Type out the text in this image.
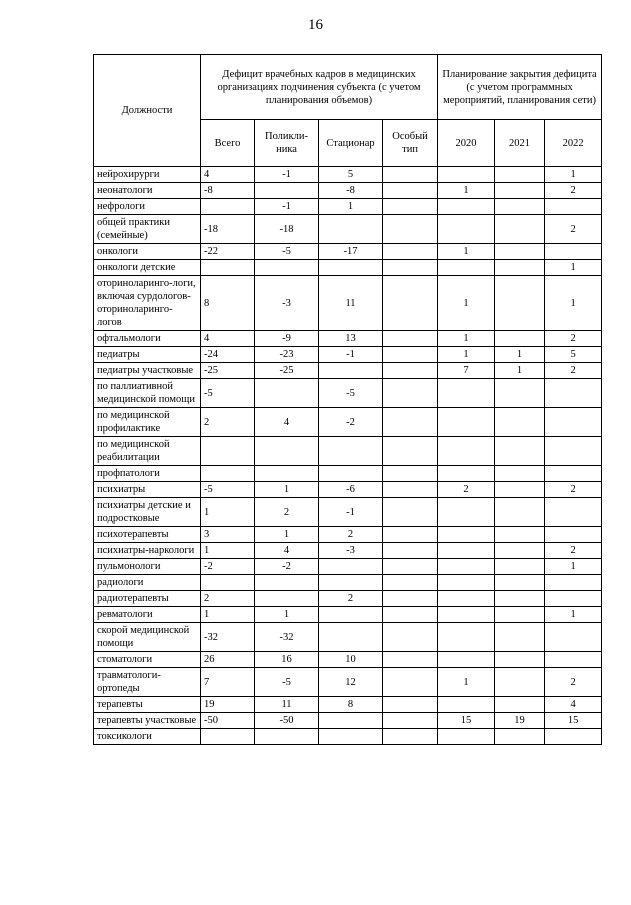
16
Должности	Дефицит врачебных кадров в медицинских организациях подчинения субъекта (с учетом планирования объемов)				Планирование закрытия дефицита (с учетом программных мероприятий, планирования сети)		
	Всего	Поликли-ника	Стационар	Особый тип	2020	2021	2022
нейрохирурги	4	-1	5				1
неонатологи	-8		-8		1		2
нефрологи		-1	1				
общей практики (семейные)	-18	-18					2
онкологи	-22	-5	-17		1		
онкологи детские							1
оториноларинго-логи, включая сурдологов-оториноларинго-логов	8	-3	11		1		1
офтальмологи	4	-9	13		1		2
педиатры	-24	-23	-1		1	1	5
педиатры участковые	-25	-25			7	1	2
по паллиативной медицинской помощи	-5		-5				
по медицинской профилактике	2	4	-2				
по медицинской реабилитации							
профпатологи							
психиатры	-5	1	-6		2		2
психиатры детские и подростковые	1	2	-1				
психотерапевты	3	1	2				
психиатры-наркологи	1	4	-3				2
пульмонологи	-2	-2					1
радиологи							
радиотерапевты	2		2				
ревматологи	1	1					1
скорой медицинской помощи	-32	-32					
стоматологи	26	16	10				
травматологи-ортопеды	7	-5	12		1		2
терапевты	19	11	8				4
терапевты участковые	-50	-50			15	19	15
токсикологи							
